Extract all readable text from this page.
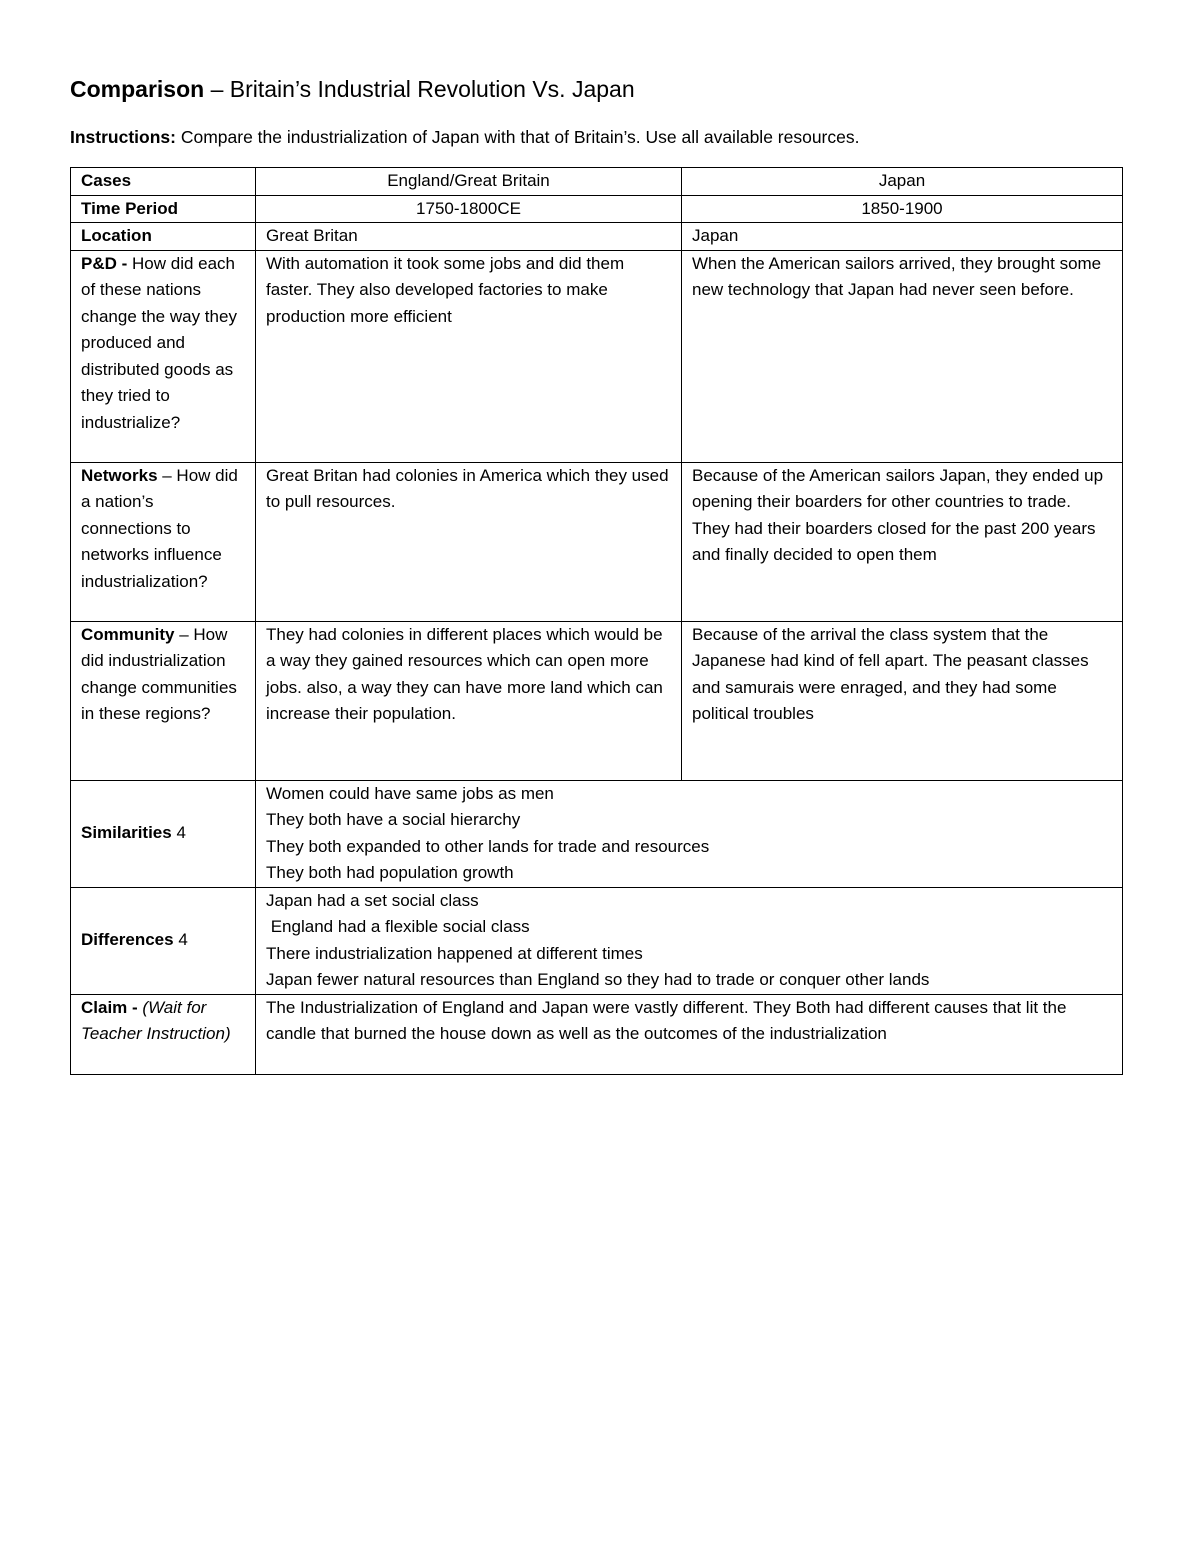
Comparison – Britain’s Industrial Revolution Vs. Japan
Instructions: Compare the industrialization of Japan with that of Britain’s. Use all available resources.
Cases	England/Great Britain	Japan
Time Period	1750-1800CE	1850-1900
Location	Great Britan	Japan
P&D - How did each of these nations change the way they produced and distributed goods as they tried to industrialize?	With automation it took some jobs and did them faster. They also developed factories to make production more efficient	When the American sailors arrived, they brought some new technology that Japan had never seen before.
Networks – How did a nation’s connections to networks influence industrialization?	Great Britan had colonies in America which they used to pull resources.	Because of the American sailors Japan, they ended up opening their boarders for other countries to trade. They had their boarders closed for the past 200 years and finally decided to open them
Community – How did industrialization change communities in these regions?	They had colonies in different places which would be a way they gained resources which can open more jobs. also, a way they can have more land which can increase their population.	Because of the arrival the class system that the Japanese had kind of fell apart. The peasant classes and samurais were enraged, and they had some political troubles
Similarities 4	Women could have same jobs as men
They both have a social hierarchy
They both expanded to other lands for trade and resources
They both had population growth	

Differences 4	Japan had a set social class
England had a flexible social class
There industrialization happened at different times
Japan fewer natural resources than England so they had to trade or conquer other lands	

Claim - (Wait for Teacher Instruction)	The Industrialization of England and Japan were vastly different. They Both had different causes that lit the candle that burned the house down as well as the outcomes of the industrialization	
